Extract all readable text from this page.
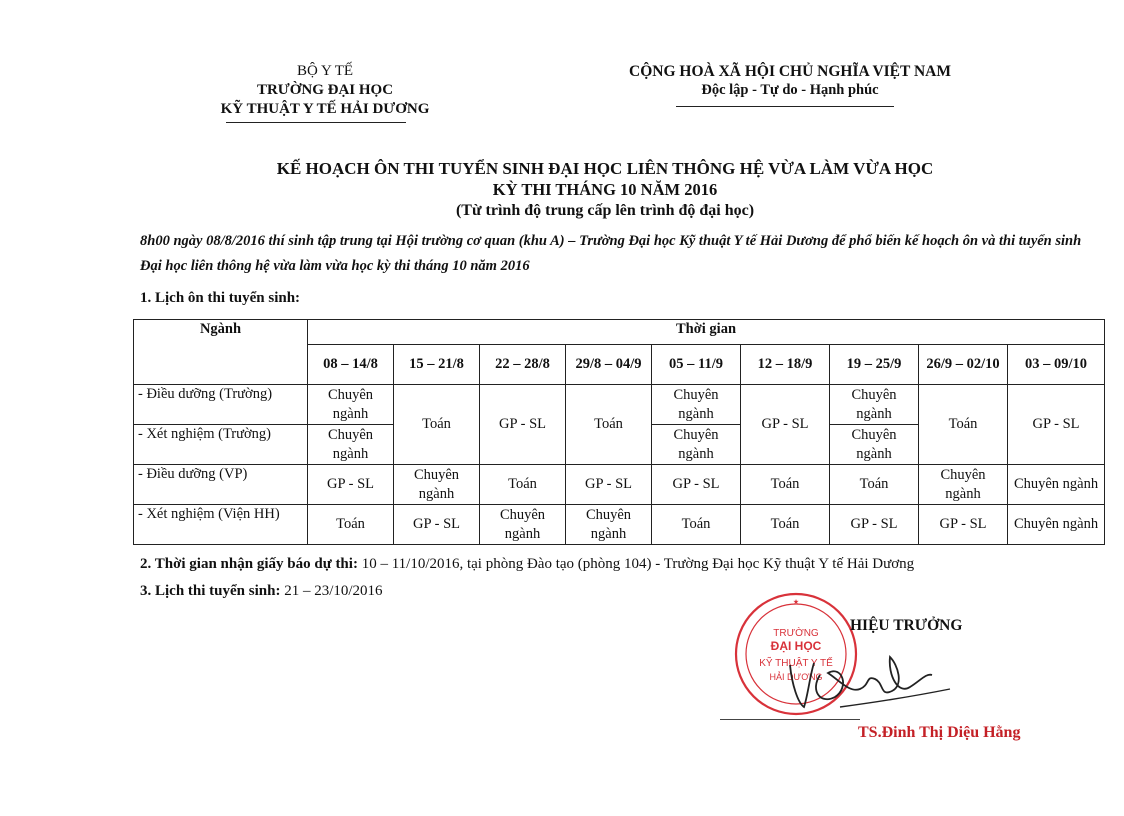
BỘ Y TẾ
TRƯỜNG ĐẠI HỌC
KỸ THUẬT Y TẾ HẢI DƯƠNG
CỘNG HOÀ XÃ HỘI CHỦ NGHĨA VIỆT NAM
Độc lập - Tự do - Hạnh phúc
KẾ HOẠCH ÔN THI TUYỂN SINH ĐẠI HỌC LIÊN THÔNG HỆ VỪA LÀM VỪA HỌC
KỲ THI THÁNG 10 NĂM 2016
(Từ trình độ trung cấp lên trình độ đại học)
8h00 ngày 08/8/2016 thí sinh tập trung tại Hội trường cơ quan (khu A) – Trường Đại học Kỹ thuật Y tế Hải Dương để phổ biến kế hoạch ôn và thi tuyển sinh Đại học liên thông hệ vừa làm vừa học kỳ thi tháng 10 năm 2016
1. Lịch ôn thi tuyển sinh:
Ngành	Thời gian								
	08 – 14/8	15 – 21/8	22 – 28/8	29/8 – 04/9	05 – 11/9	12 – 18/9	19 – 25/9	26/9 – 02/10	03 – 09/10
- Điều dưỡng (Trường)	Chuyên ngành	Toán	GP - SL	Toán	Chuyên ngành	GP - SL	Chuyên ngành	Toán	GP - SL
- Xét nghiệm (Trường)	Chuyên ngành				Chuyên ngành		Chuyên ngành		
- Điều dưỡng (VP)	GP - SL	Chuyên ngành	Toán	GP - SL	GP - SL	Toán	Toán	Chuyên ngành	Chuyên ngành
- Xét nghiệm (Viện HH)	Toán	GP - SL	Chuyên ngành	Chuyên ngành	Toán	Toán	GP - SL	GP - SL	Chuyên ngành
2. Thời gian nhận giấy báo dự thi: 10 – 11/10/2016, tại phòng Đào tạo (phòng 104) - Trường Đại học Kỹ thuật Y tế Hải Dương
3. Lịch thi tuyển sinh: 21 – 23/10/2016
TRƯỜNG
ĐẠI HỌC
KỸ THUẬT Y TẾ
HẢI DƯƠNG
★
HIỆU TRƯỞNG
TS.Đinh Thị Diệu Hằng
